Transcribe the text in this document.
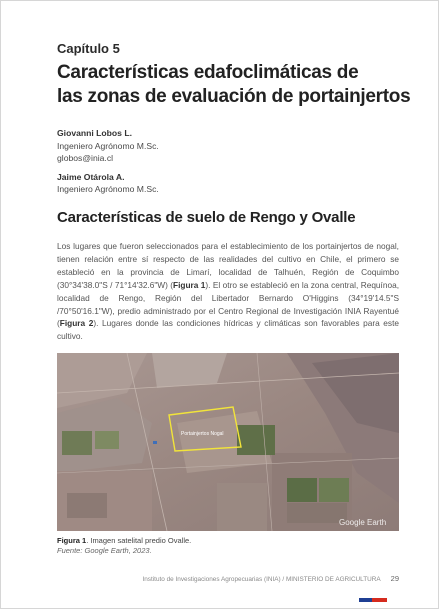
Capítulo 5
Características edafoclimáticas de
las zonas de evaluación de portainjertos
Giovanni Lobos L.
Ingeniero Agrónomo M.Sc.
globos@inia.cl
Jaime Otárola A.
Ingeniero Agrónomo M.Sc.
Características de suelo de Rengo y Ovalle
Los lugares que fueron seleccionados para el establecimiento de los portainjertos de nogal, tienen relación entre sí respecto de las realidades del cultivo en Chile, el primero se estableció en la provincia de Limarí, localidad de Talhuén, Región de Coquimbo (30°34'38.0"S / 71°14'32.6"W) (Figura 1). El otro se estableció en la zona central, Requínoa, localidad de Rengo, Región del Libertador Bernardo O'Higgins (34°19'14.5"S /70°50'16.1"W), predio administrado por el Centro Regional de Investigación INIA Rayentué (Figura 2). Lugares donde las condiciones hídricas y climáticas son favorables para este cultivo.
Portainjertos Nogal
Google Earth
Figura 1. Imagen satelital predio Ovalle.
Fuente: Google Earth, 2023.
Instituto de Investigaciones Agropecuarias (INIA) / MINISTERIO DE AGRICULTURA 29
